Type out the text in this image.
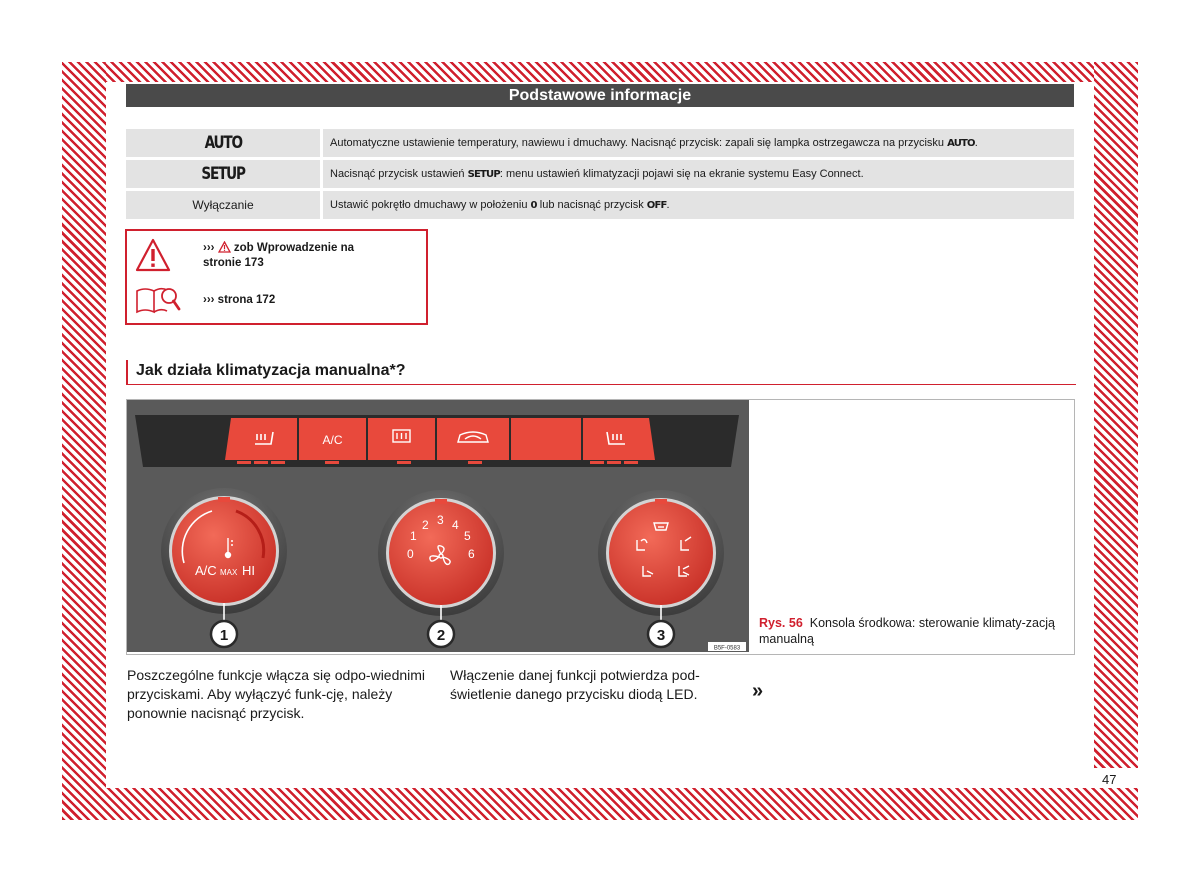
Podstawowe informacje
AUTO	Automatyczne ustawienie temperatury, nawiewu i dmuchawy. Nacisnąć przycisk: zapali się lampka ostrzegawcza na przycisku AUTO.
SETUP	Nacisnąć przycisk ustawień SETUP: menu ustawień klimatyzacji pojawi się na ekranie systemu Easy Connect.
Wyłączanie	Ustawić pokrętło dmuchawy w położeniu 0 lub nacisnąć przycisk OFF.
›››  zob Wprowadzenie na
stronie 173
››› strona 172
Jak działa klimatyzacja manualna*?
A/C
A/C MAX HI
0
1
2 3 4
5
6
1	2	3
B5F-0583
Rys. 56 Konsola środkowa: sterowanie klimaty-zacją manualną
Poszczególne funkcje włącza się odpo-wiednimi przyciskami. Aby wyłączyć funk-cję, należy ponownie nacisnąć przycisk.
Włączenie danej funkcji potwierdza pod-świetlenie danego przycisku diodą LED.	»
47
